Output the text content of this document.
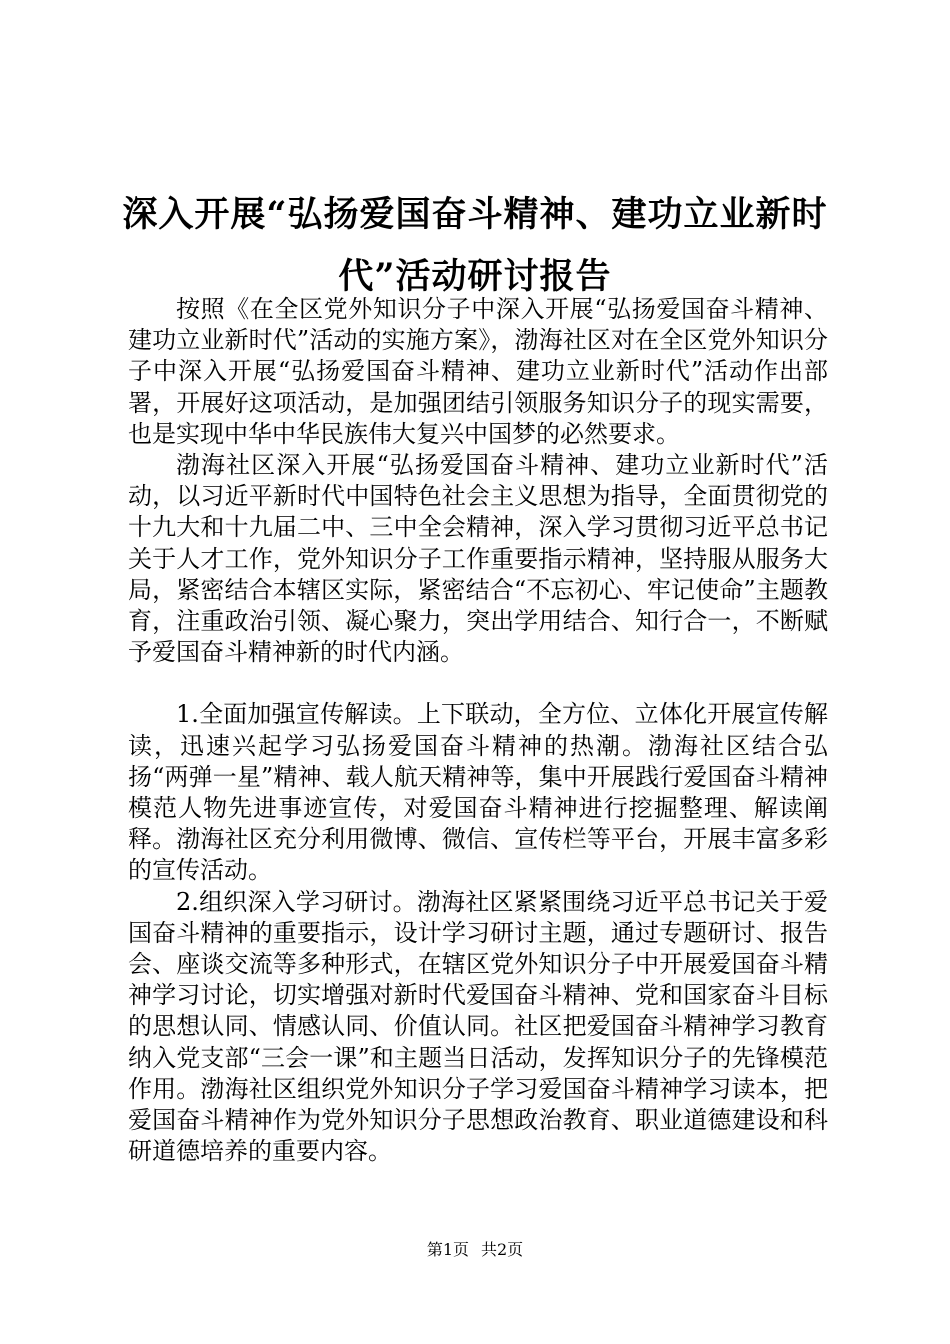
深入开展“弘扬爱国奋斗精神、建功立业新时代”活动研讨报告

按照《在全区党外知识分子中深入开展“弘扬爱国奋斗精神、建功立业新时代”活动的实施方案》，渤海社区对在全区党外知识分子中深入开展“弘扬爱国奋斗精神、建功立业新时代”活动作出部署，开展好这项活动，是加强团结引领服务知识分子的现实需要，也是实现中华中华民族伟大复兴中国梦的必然要求。

渤海社区深入开展“弘扬爱国奋斗精神、建功立业新时代”活动，以习近平新时代中国特色社会主义思想为指导，全面贯彻党的十九大和十九届二中、三中全会精神，深入学习贯彻习近平总书记关于人才工作，党外知识分子工作重要指示精神，坚持服从服务大局，紧密结合本辖区实际，紧密结合“不忘初心、牢记使命”主题教育，注重政治引领、凝心聚力，突出学用结合、知行合一，不断赋予爱国奋斗精神新的时代内涵。

1.全面加强宣传解读。上下联动，全方位、立体化开展宣传解读，迅速兴起学习弘扬爱国奋斗精神的热潮。渤海社区结合弘扬“两弹一星”精神、载人航天精神等，集中开展践行爱国奋斗精神模范人物先进事迹宣传，对爱国奋斗精神进行挖掘整理、解读阐释。渤海社区充分利用微博、微信、宣传栏等平台，开展丰富多彩的宣传活动。

2.组织深入学习研讨。渤海社区紧紧围绕习近平总书记关于爱国奋斗精神的重要指示，设计学习研讨主题，通过专题研讨、报告会、座谈交流等多种形式，在辖区党外知识分子中开展爱国奋斗精神学习讨论，切实增强对新时代爱国奋斗精神、党和国家奋斗目标的思想认同、情感认同、价值认同。社区把爱国奋斗精神学习教育纳入党支部“三会一课”和主题当日活动，发挥知识分子的先锋模范作用。渤海社区组织党外知识分子学习爱国奋斗精神学习读本，把爱国奋斗精神作为党外知识分子思想政治教育、职业道德建设和科研道德培养的重要内容。

第1页 共2页
